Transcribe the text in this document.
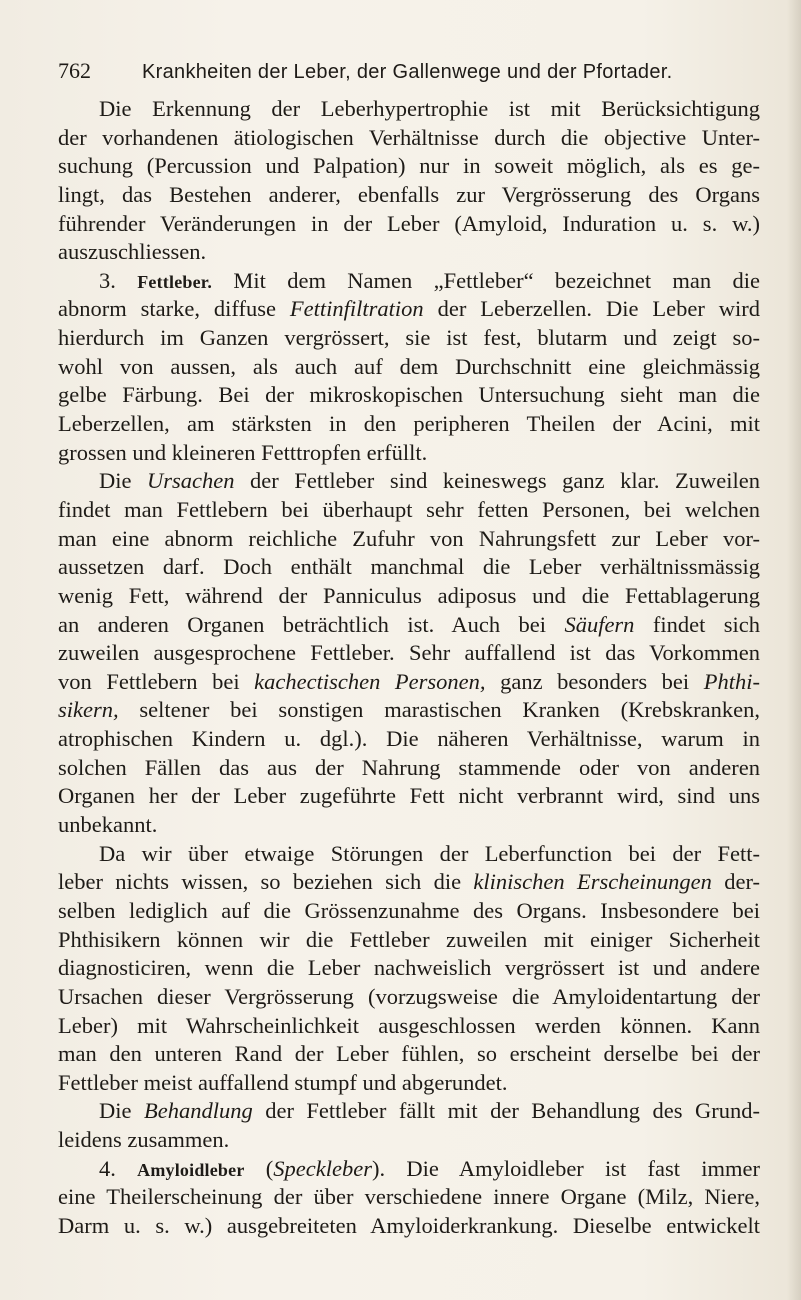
762	Krankheiten der Leber, der Gallenwege und der Pfortader.
Die Erkennung der Leberhypertrophie ist mit Berücksichtigung
der vorhandenen ätiologischen Verhältnisse durch die objective Unter-
suchung (Percussion und Palpation) nur in soweit möglich, als es ge-
lingt, das Bestehen anderer, ebenfalls zur Vergrösserung des Organs
führender Veränderungen in der Leber (Amyloid, Induration u. s. w.)
auszuschliessen.
3. Fettleber. Mit dem Namen „Fettleber“ bezeichnet man die
abnorm starke, diffuse Fettinfiltration der Leberzellen. Die Leber wird
hierdurch im Ganzen vergrössert, sie ist fest, blutarm und zeigt so-
wohl von aussen, als auch auf dem Durchschnitt eine gleichmässig
gelbe Färbung. Bei der mikroskopischen Untersuchung sieht man die
Leberzellen, am stärksten in den peripheren Theilen der Acini, mit
grossen und kleineren Fetttropfen erfüllt.
Die Ursachen der Fettleber sind keineswegs ganz klar. Zuweilen
findet man Fettlebern bei überhaupt sehr fetten Personen, bei welchen
man eine abnorm reichliche Zufuhr von Nahrungsfett zur Leber vor-
aussetzen darf. Doch enthält manchmal die Leber verhältnissmässig
wenig Fett, während der Panniculus adiposus und die Fettablagerung
an anderen Organen beträchtlich ist. Auch bei Säufern findet sich
zuweilen ausgesprochene Fettleber. Sehr auffallend ist das Vorkommen
von Fettlebern bei kachectischen Personen, ganz besonders bei Phthi-
sikern, seltener bei sonstigen marastischen Kranken (Krebskranken,
atrophischen Kindern u. dgl.). Die näheren Verhältnisse, warum in
solchen Fällen das aus der Nahrung stammende oder von anderen
Organen her der Leber zugeführte Fett nicht verbrannt wird, sind uns
unbekannt.
Da wir über etwaige Störungen der Leberfunction bei der Fett-
leber nichts wissen, so beziehen sich die klinischen Erscheinungen der-
selben lediglich auf die Grössenzunahme des Organs. Insbesondere bei
Phthisikern können wir die Fettleber zuweilen mit einiger Sicherheit
diagnosticiren, wenn die Leber nachweislich vergrössert ist und andere
Ursachen dieser Vergrösserung (vorzugsweise die Amyloidentartung der
Leber) mit Wahrscheinlichkeit ausgeschlossen werden können. Kann
man den unteren Rand der Leber fühlen, so erscheint derselbe bei der
Fettleber meist auffallend stumpf und abgerundet.
Die Behandlung der Fettleber fällt mit der Behandlung des Grund-
leidens zusammen.
4. Amyloidleber (Speckleber). Die Amyloidleber ist fast immer
eine Theilerscheinung der über verschiedene innere Organe (Milz, Niere,
Darm u. s. w.) ausgebreiteten Amyloiderkrankung. Dieselbe entwickelt
